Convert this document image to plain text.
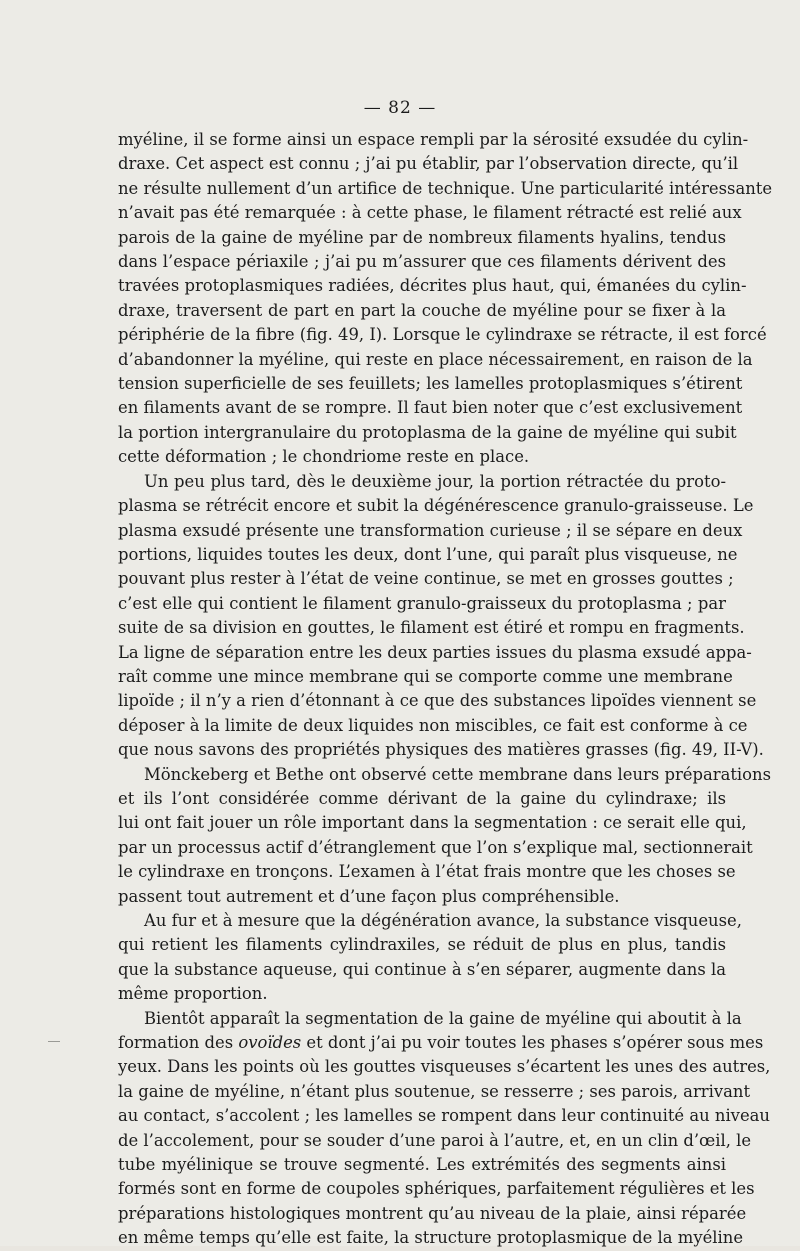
— 82 —
myéline, il se forme ainsi un espace rempli par la sérosité exsudée du cylin-
draxe. Cet aspect est connu ; j’ai pu établir, par l’observation directe, qu’il
ne résulte nullement d’un artifice de technique. Une particularité intéressante
n’avait pas été remarquée : à cette phase, le filament rétracté est relié aux
parois de la gaine de myéline par de nombreux filaments hyalins, tendus
dans l’espace périaxile ; j’ai pu m’assurer que ces filaments dérivent des
travées protoplasmiques radiées, décrites plus haut, qui, émanées du cylin-
draxe, traversent de part en part la couche de myéline pour se fixer à la
périphérie de la fibre (fig. 49, I). Lorsque le cylindraxe se rétracte, il est forcé
d’abandonner la myéline, qui reste en place nécessairement, en raison de la
tension superficielle de ses feuillets; les lamelles protoplasmiques s’étirent
en filaments avant de se rompre. Il faut bien noter que c’est exclusivement
la portion intergranulaire du protoplasma de la gaine de myéline qui subit
cette déformation ; le chondriome reste en place.
Un peu plus tard, dès le deuxième jour, la portion rétractée du proto-
plasma se rétrécit encore et subit la dégénérescence granulo-graisseuse. Le
plasma exsudé présente une transformation curieuse ; il se sépare en deux
portions, liquides toutes les deux, dont l’une, qui paraît plus visqueuse, ne
pouvant plus rester à l’état de veine continue, se met en grosses gouttes ;
c’est elle qui contient le filament granulo-graisseux du protoplasma ; par
suite de sa division en gouttes, le filament est étiré et rompu en fragments.
La ligne de séparation entre les deux parties issues du plasma exsudé appa-
raît comme une mince membrane qui se comporte comme une membrane
lipoïde ; il n’y a rien d’étonnant à ce que des substances lipoïdes viennent se
déposer à la limite de deux liquides non miscibles, ce fait est conforme à ce
que nous savons des propriétés physiques des matières grasses (fig. 49, II-V).
Mönckeberg et Bethe ont observé cette membrane dans leurs préparations
et ils l’ont considérée comme dérivant de la gaine du cylindraxe; ils
lui ont fait jouer un rôle important dans la segmentation : ce serait elle qui,
par un processus actif d’étranglement que l’on s’explique mal, sectionnerait
le cylindraxe en tronçons. L’examen à l’état frais montre que les choses se
passent tout autrement et d’une façon plus compréhensible.
Au fur et à mesure que la dégénération avance, la substance visqueuse,
qui retient les filaments cylindraxiles, se réduit de plus en plus, tandis
que la substance aqueuse, qui continue à s’en séparer, augmente dans la
même proportion.
Bientôt apparaît la segmentation de la gaine de myéline qui aboutit à la
formation des ovoïdes et dont j’ai pu voir toutes les phases s’opérer sous mes
yeux. Dans les points où les gouttes visqueuses s’écartent les unes des autres,
la gaine de myéline, n’étant plus soutenue, se resserre ; ses parois, arrivant
au contact, s’accolent ; les lamelles se rompent dans leur continuité au niveau
de l’accolement, pour se souder d’une paroi à l’autre, et, en un clin d’œil, le
tube myélinique se trouve segmenté. Les extrémités des segments ainsi
formés sont en forme de coupoles sphériques, parfaitement régulières et les
préparations histologiques montrent qu’au niveau de la plaie, ainsi réparée
en même temps qu’elle est faite, la structure protoplasmique de la myéline
